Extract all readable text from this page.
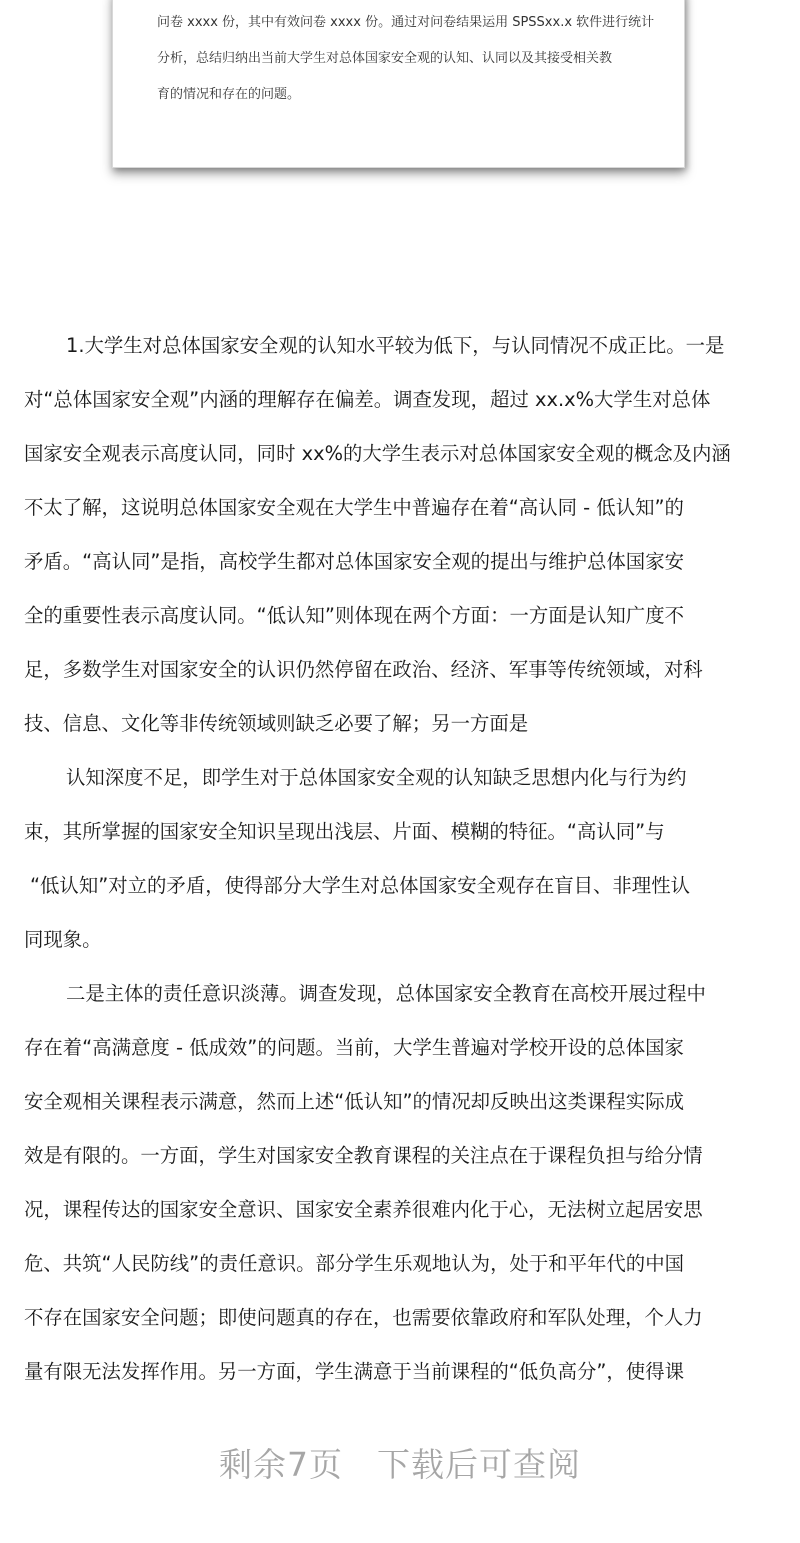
问卷 xxxx 份，其中有效问卷 xxxx 份。通过对问卷结果运用 SPSSxx.x 软件进行统计
分析，总结归纳出当前大学生对总体国家安全观的认知、认同以及其接受相关教
育的情况和存在的问题。
1.大学生对总体国家安全观的认知水平较为低下，与认同情况不成正比。一是
对“总体国家安全观”内涵的理解存在偏差。调查发现，超过 xx.x%大学生对总体
国家安全观表示高度认同，同时 xx%的大学生表示对总体国家安全观的概念及内涵
不太了解，这说明总体国家安全观在大学生中普遍存在着“高认同 - 低认知”的
矛盾。“高认同”是指，高校学生都对总体国家安全观的提出与维护总体国家安
全的重要性表示高度认同。“低认知”则体现在两个方面：一方面是认知广度不
足，多数学生对国家安全的认识仍然停留在政治、经济、军事等传统领域，对科
技、信息、文化等非传统领域则缺乏必要了解；另一方面是
认知深度不足，即学生对于总体国家安全观的认知缺乏思想内化与行为约
束，其所掌握的国家安全知识呈现出浅层、片面、模糊的特征。“高认同”与
“低认知”对立的矛盾，使得部分大学生对总体国家安全观存在盲目、非理性认
同现象。
二是主体的责任意识淡薄。调查发现，总体国家安全教育在高校开展过程中
存在着“高满意度 - 低成效”的问题。当前，大学生普遍对学校开设的总体国家
安全观相关课程表示满意，然而上述“低认知”的情况却反映出这类课程实际成
效是有限的。一方面，学生对国家安全教育课程的关注点在于课程负担与给分情
况，课程传达的国家安全意识、国家安全素养很难内化于心，无法树立起居安思
危、共筑“人民防线”的责任意识。部分学生乐观地认为，处于和平年代的中国
不存在国家安全问题；即使问题真的存在，也需要依靠政府和军队处理，个人力
量有限无法发挥作用。另一方面，学生满意于当前课程的“低负高分”，使得课
剩余7页 下载后可查阅
